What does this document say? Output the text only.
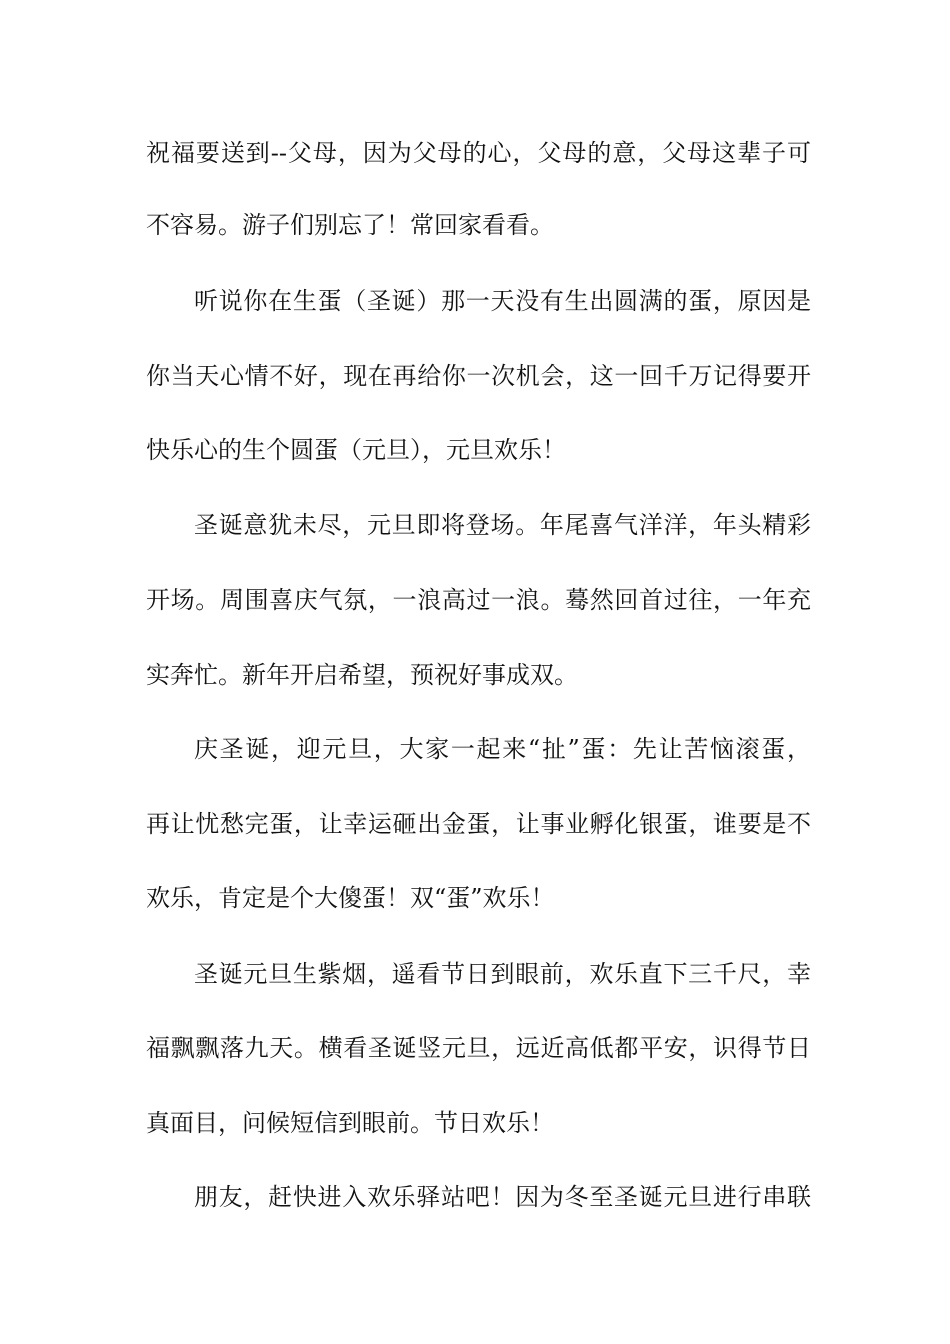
祝福要送到--父母，因为父母的心，父母的意，父母这辈子可
不容易。游子们别忘了！常回家看看。
听说你在生蛋（圣诞）那一天没有生出圆满的蛋，原因是
你当天心情不好，现在再给你一次机会，这一回千万记得要开
快乐心的生个圆蛋（元旦），元旦欢乐！
圣诞意犹未尽，元旦即将登场。年尾喜气洋洋，年头精彩
开场。周围喜庆气氛，一浪高过一浪。蓦然回首过往，一年充
实奔忙。新年开启希望，预祝好事成双。
庆圣诞，迎元旦，大家一起来“扯”蛋：先让苦恼滚蛋，
再让忧愁完蛋，让幸运砸出金蛋，让事业孵化银蛋，谁要是不
欢乐，肯定是个大傻蛋！双“蛋”欢乐！
圣诞元旦生紫烟，遥看节日到眼前，欢乐直下三千尺，幸
福飘飘落九天。横看圣诞竖元旦，远近高低都平安，识得节日
真面目，问候短信到眼前。节日欢乐！
朋友，赶快进入欢乐驿站吧！因为冬至圣诞元旦进行串联
